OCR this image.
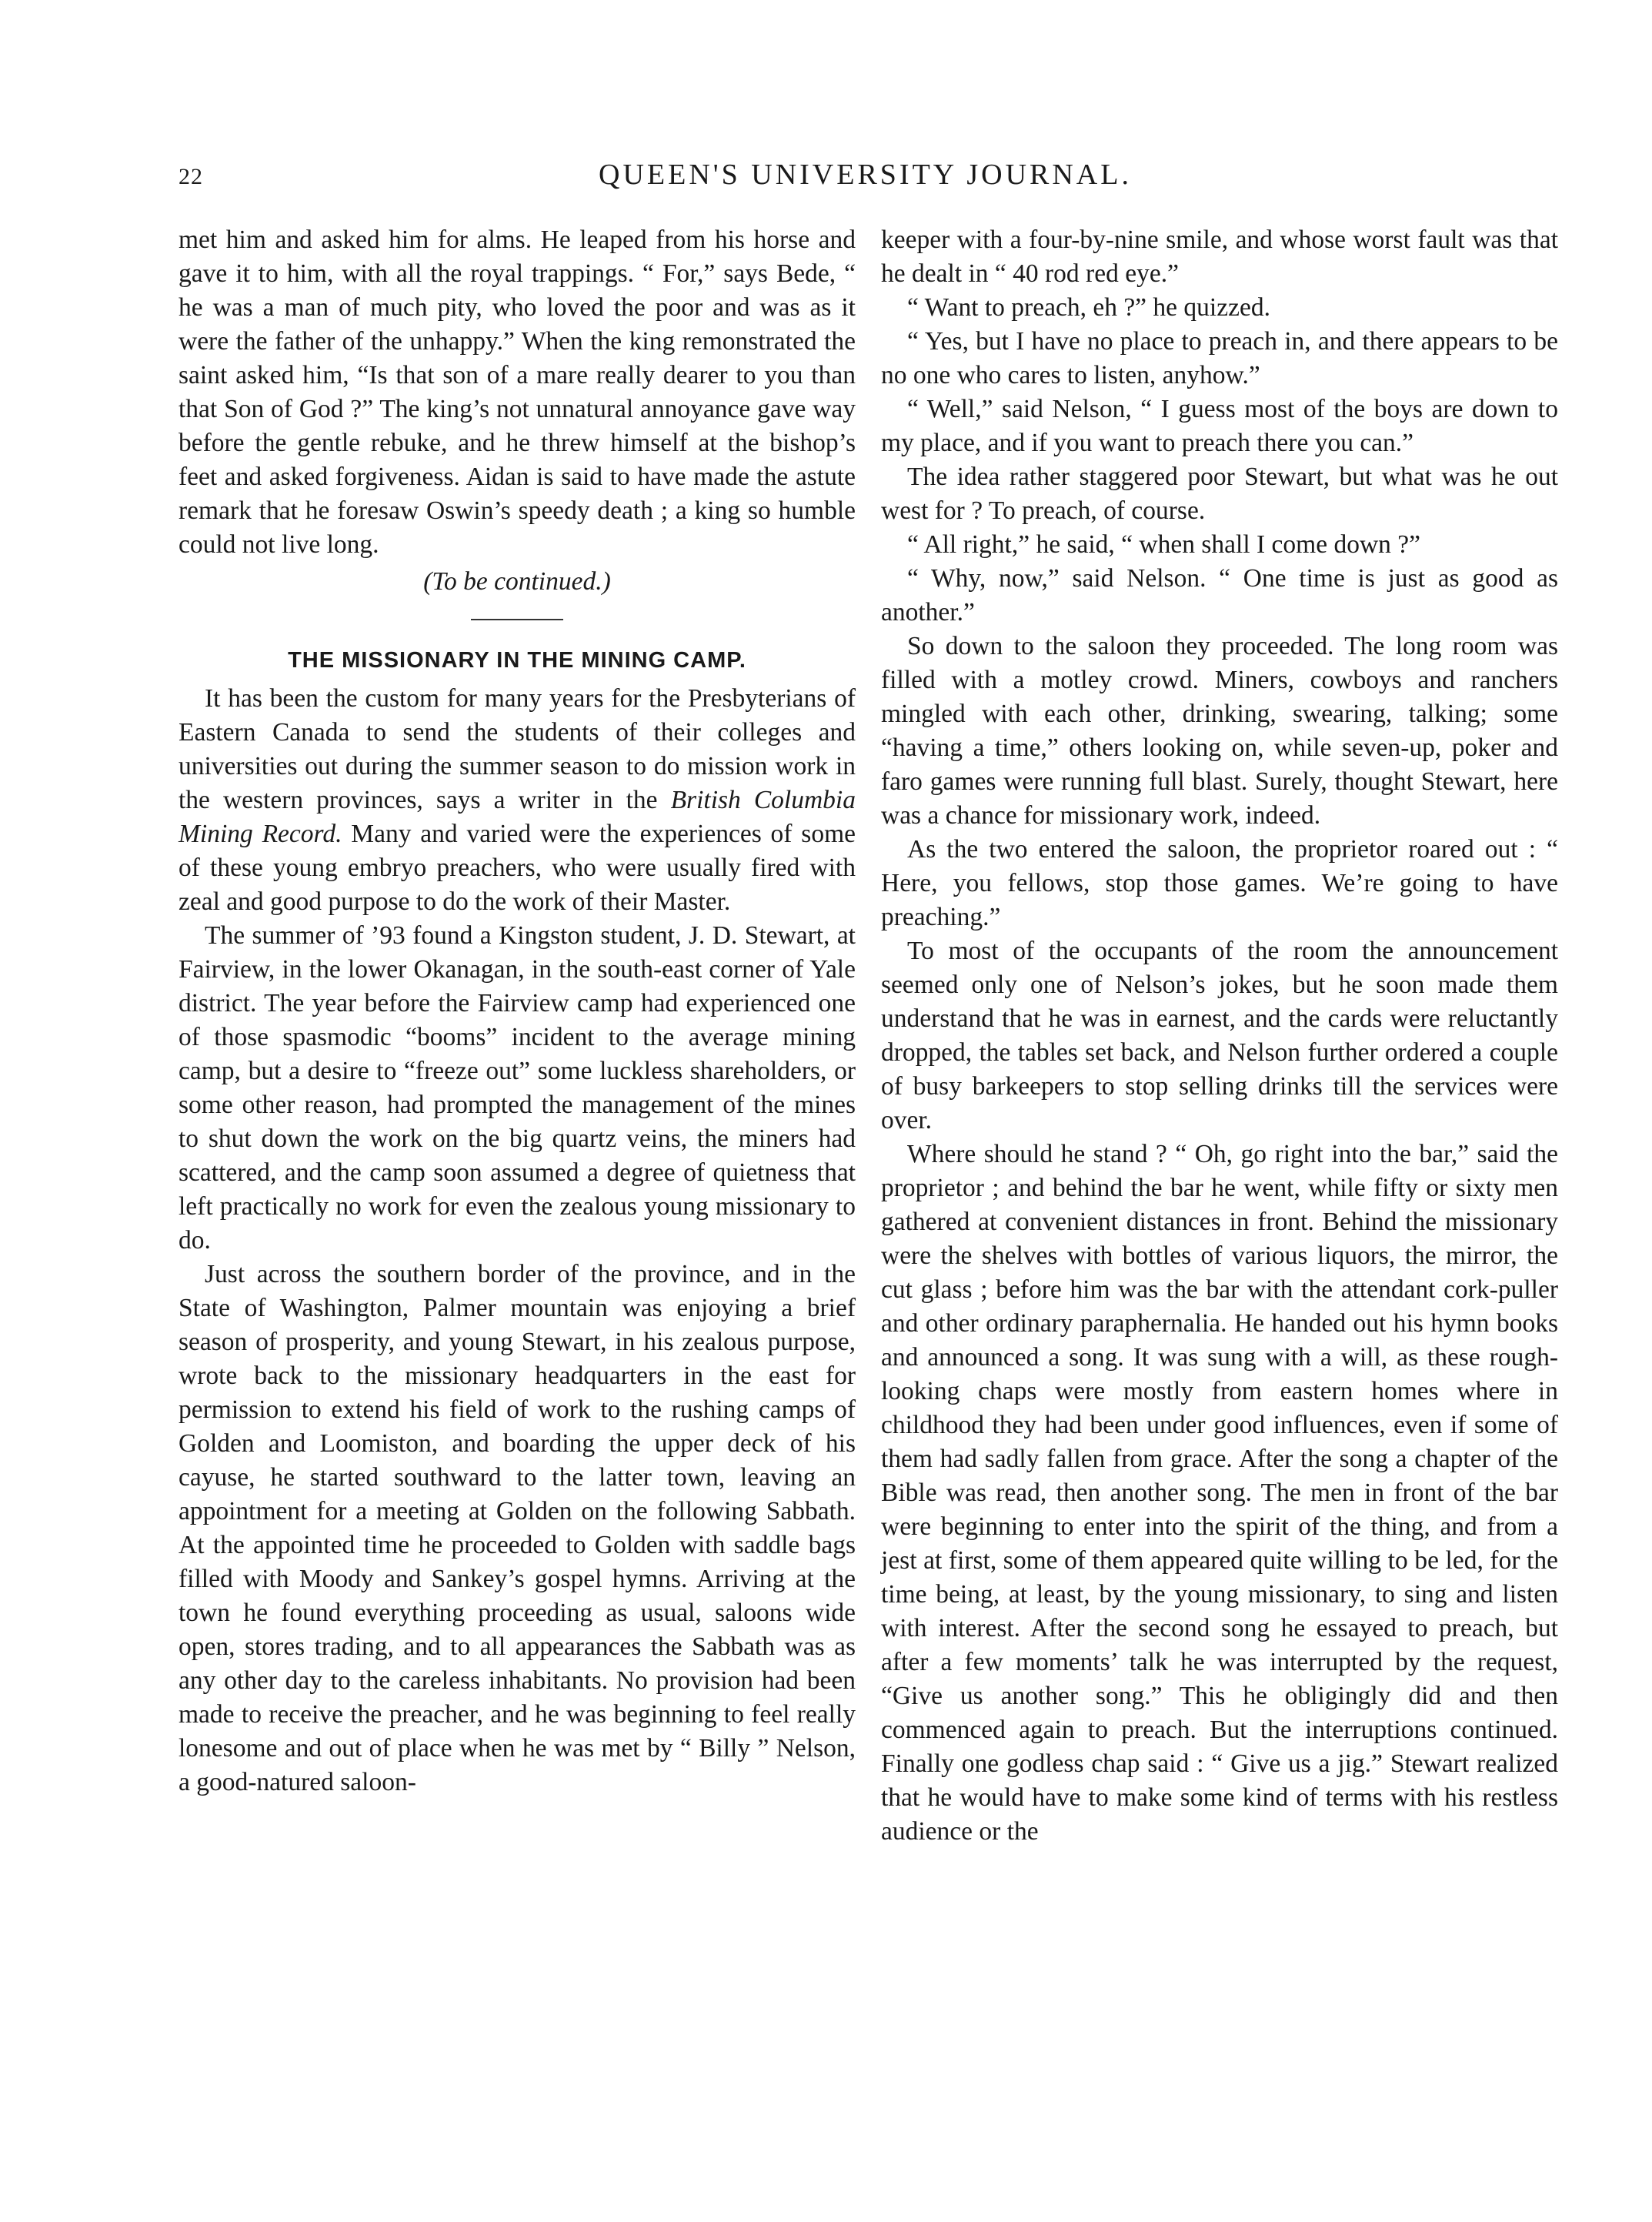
22	QUEEN'S UNIVERSITY JOURNAL.

met him and asked him for alms. He leaped from his horse and gave it to him, with all the royal trappings. “ For,” says Bede, “ he was a man of much pity, who loved the poor and was as it were the father of the unhappy.” When the king remonstrated the saint asked him, “Is that son of a mare really dearer to you than that Son of God ?” The king’s not unnatural annoyance gave way before the gentle rebuke, and he threw himself at the bishop’s feet and asked forgiveness. Aidan is said to have made the astute remark that he foresaw Oswin’s speedy death ; a king so humble could not live long.

(To be continued.)

THE MISSIONARY IN THE MINING CAMP.

It has been the custom for many years for the Presbyterians of Eastern Canada to send the students of their colleges and universities out during the summer season to do mission work in the western provinces, says a writer in the British Columbia Mining Record. Many and varied were the experiences of some of these young embryo preachers, who were usually fired with zeal and good purpose to do the work of their Master.

The summer of ’93 found a Kingston student, J. D. Stewart, at Fairview, in the lower Okanagan, in the south-east corner of Yale district. The year before the Fairview camp had experienced one of those spasmodic “booms” incident to the average mining camp, but a desire to “freeze out” some luckless shareholders, or some other reason, had prompted the management of the mines to shut down the work on the big quartz veins, the miners had scattered, and the camp soon assumed a degree of quietness that left practically no work for even the zealous young missionary to do.

Just across the southern border of the province, and in the State of Washington, Palmer mountain was enjoying a brief season of prosperity, and young Stewart, in his zealous purpose, wrote back to the missionary headquarters in the east for permission to extend his field of work to the rushing camps of Golden and Loomiston, and boarding the upper deck of his cayuse, he started southward to the latter town, leaving an appointment for a meeting at Golden on the following Sabbath. At the appointed time he proceeded to Golden with saddle bags filled with Moody and Sankey’s gospel hymns. Arriving at the town he found everything proceeding as usual, saloons wide open, stores trading, and to all appearances the Sabbath was as any other day to the careless inhabitants. No provision had been made to receive the preacher, and he was beginning to feel really lonesome and out of place when he was met by “ Billy ” Nelson, a good-natured saloon-

keeper with a four-by-nine smile, and whose worst fault was that he dealt in “ 40 rod red eye.”

“ Want to preach, eh ?” he quizzed.

“ Yes, but I have no place to preach in, and there appears to be no one who cares to listen, anyhow.”

“ Well,” said Nelson, “ I guess most of the boys are down to my place, and if you want to preach there you can.”

The idea rather staggered poor Stewart, but what was he out west for ? To preach, of course.

“ All right,” he said, “ when shall I come down ?”

“ Why, now,” said Nelson. “ One time is just as good as another.”

So down to the saloon they proceeded. The long room was filled with a motley crowd. Miners, cowboys and ranchers mingled with each other, drinking, swearing, talking; some “having a time,” others looking on, while seven-up, poker and faro games were running full blast. Surely, thought Stewart, here was a chance for missionary work, indeed.

As the two entered the saloon, the proprietor roared out : “ Here, you fellows, stop those games. We’re going to have preaching.”

To most of the occupants of the room the announcement seemed only one of Nelson’s jokes, but he soon made them understand that he was in earnest, and the cards were reluctantly dropped, the tables set back, and Nelson further ordered a couple of busy barkeepers to stop selling drinks till the services were over.

Where should he stand ? “ Oh, go right into the bar,” said the proprietor ; and behind the bar he went, while fifty or sixty men gathered at convenient distances in front. Behind the missionary were the shelves with bottles of various liquors, the mirror, the cut glass ; before him was the bar with the attendant cork-puller and other ordinary paraphernalia. He handed out his hymn books and announced a song. It was sung with a will, as these rough-looking chaps were mostly from eastern homes where in childhood they had been under good influences, even if some of them had sadly fallen from grace. After the song a chapter of the Bible was read, then another song. The men in front of the bar were beginning to enter into the spirit of the thing, and from a jest at first, some of them appeared quite willing to be led, for the time being, at least, by the young missionary, to sing and listen with interest. After the second song he essayed to preach, but after a few moments’ talk he was interrupted by the request, “Give us another song.” This he obligingly did and then commenced again to preach. But the interruptions continued. Finally one godless chap said : “ Give us a jig.” Stewart realized that he would have to make some kind of terms with his restless audience or the
